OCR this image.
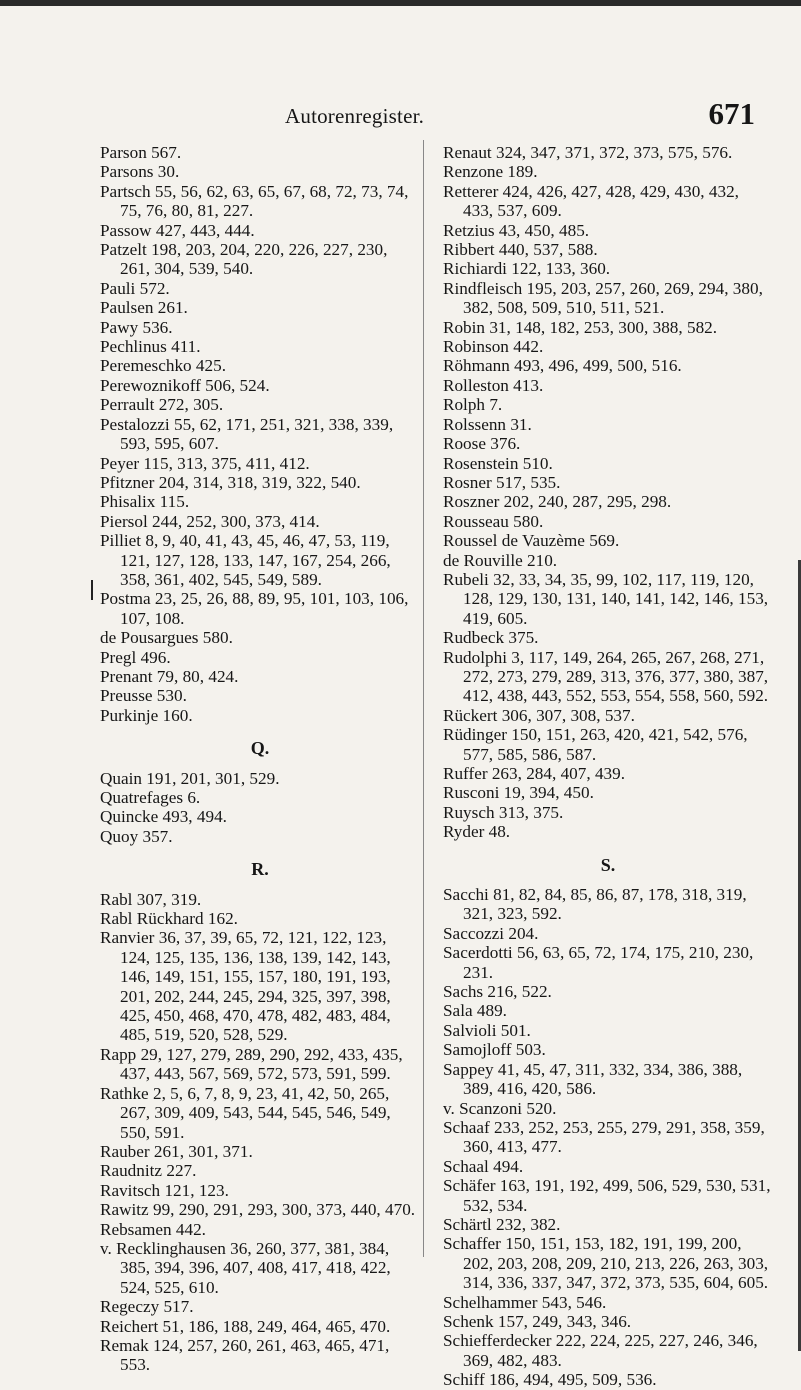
Autorenregister.	671

Parson 567.

Parsons 30.

Partsch 55, 56, 62, 63, 65, 67, 68, 72, 73, 74, 75, 76, 80, 81, 227.

Passow 427, 443, 444.

Patzelt 198, 203, 204, 220, 226, 227, 230, 261, 304, 539, 540.

Pauli 572.

Paulsen 261.

Pawy 536.

Pechlinus 411.

Peremeschko 425.

Perewoznikoff 506, 524.

Perrault 272, 305.

Pestalozzi 55, 62, 171, 251, 321, 338, 339, 593, 595, 607.

Peyer 115, 313, 375, 411, 412.

Pfitzner 204, 314, 318, 319, 322, 540.

Phisalix 115.

Piersol 244, 252, 300, 373, 414.

Pilliet 8, 9, 40, 41, 43, 45, 46, 47, 53, 119, 121, 127, 128, 133, 147, 167, 254, 266, 358, 361, 402, 545, 549, 589.

Postma 23, 25, 26, 88, 89, 95, 101, 103, 106, 107, 108.

de Pousargues 580.

Pregl 496.

Prenant 79, 80, 424.

Preusse 530.

Purkinje 160.

Q.

Quain 191, 201, 301, 529.

Quatrefages 6.

Quincke 493, 494.

Quoy 357.

R.

Rabl 307, 319.

Rabl Rückhard 162.

Ranvier 36, 37, 39, 65, 72, 121, 122, 123, 124, 125, 135, 136, 138, 139, 142, 143, 146, 149, 151, 155, 157, 180, 191, 193, 201, 202, 244, 245, 294, 325, 397, 398, 425, 450, 468, 470, 478, 482, 483, 484, 485, 519, 520, 528, 529.

Rapp 29, 127, 279, 289, 290, 292, 433, 435, 437, 443, 567, 569, 572, 573, 591, 599.

Rathke 2, 5, 6, 7, 8, 9, 23, 41, 42, 50, 265, 267, 309, 409, 543, 544, 545, 546, 549, 550, 591.

Rauber 261, 301, 371.

Raudnitz 227.

Ravitsch 121, 123.

Rawitz 99, 290, 291, 293, 300, 373, 440, 470.

Rebsamen 442.

v. Recklinghausen 36, 260, 377, 381, 384, 385, 394, 396, 407, 408, 417, 418, 422, 524, 525, 610.

Regeczy 517.

Reichert 51, 186, 188, 249, 464, 465, 470.

Remak 124, 257, 260, 261, 463, 465, 471, 553.

Renaut 324, 347, 371, 372, 373, 575, 576.

Renzone 189.

Retterer 424, 426, 427, 428, 429, 430, 432, 433, 537, 609.

Retzius 43, 450, 485.

Ribbert 440, 537, 588.

Richiardi 122, 133, 360.

Rindfleisch 195, 203, 257, 260, 269, 294, 380, 382, 508, 509, 510, 511, 521.

Robin 31, 148, 182, 253, 300, 388, 582.

Robinson 442.

Röhmann 493, 496, 499, 500, 516.

Rolleston 413.

Rolph 7.

Rolssenn 31.

Roose 376.

Rosenstein 510.

Rosner 517, 535.

Roszner 202, 240, 287, 295, 298.

Rousseau 580.

Roussel de Vauzème 569.

de Rouville 210.

Rubeli 32, 33, 34, 35, 99, 102, 117, 119, 120, 128, 129, 130, 131, 140, 141, 142, 146, 153, 419, 605.

Rudbeck 375.

Rudolphi 3, 117, 149, 264, 265, 267, 268, 271, 272, 273, 279, 289, 313, 376, 377, 380, 387, 412, 438, 443, 552, 553, 554, 558, 560, 592.

Rückert 306, 307, 308, 537.

Rüdinger 150, 151, 263, 420, 421, 542, 576, 577, 585, 586, 587.

Ruffer 263, 284, 407, 439.

Rusconi 19, 394, 450.

Ruysch 313, 375.

Ryder 48.

S.

Sacchi 81, 82, 84, 85, 86, 87, 178, 318, 319, 321, 323, 592.

Saccozzi 204.

Sacerdotti 56, 63, 65, 72, 174, 175, 210, 230, 231.

Sachs 216, 522.

Sala 489.

Salvioli 501.

Samojloff 503.

Sappey 41, 45, 47, 311, 332, 334, 386, 388, 389, 416, 420, 586.

v. Scanzoni 520.

Schaaf 233, 252, 253, 255, 279, 291, 358, 359, 360, 413, 477.

Schaal 494.

Schäfer 163, 191, 192, 499, 506, 529, 530, 531, 532, 534.

Schärtl 232, 382.

Schaffer 150, 151, 153, 182, 191, 199, 200, 202, 203, 208, 209, 210, 213, 226, 263, 303, 314, 336, 337, 347, 372, 373, 535, 604, 605.

Schelhammer 543, 546.

Schenk 157, 249, 343, 346.

Schiefferdecker 222, 224, 225, 227, 246, 346, 369, 482, 483.

Schiff 186, 494, 495, 509, 536.
